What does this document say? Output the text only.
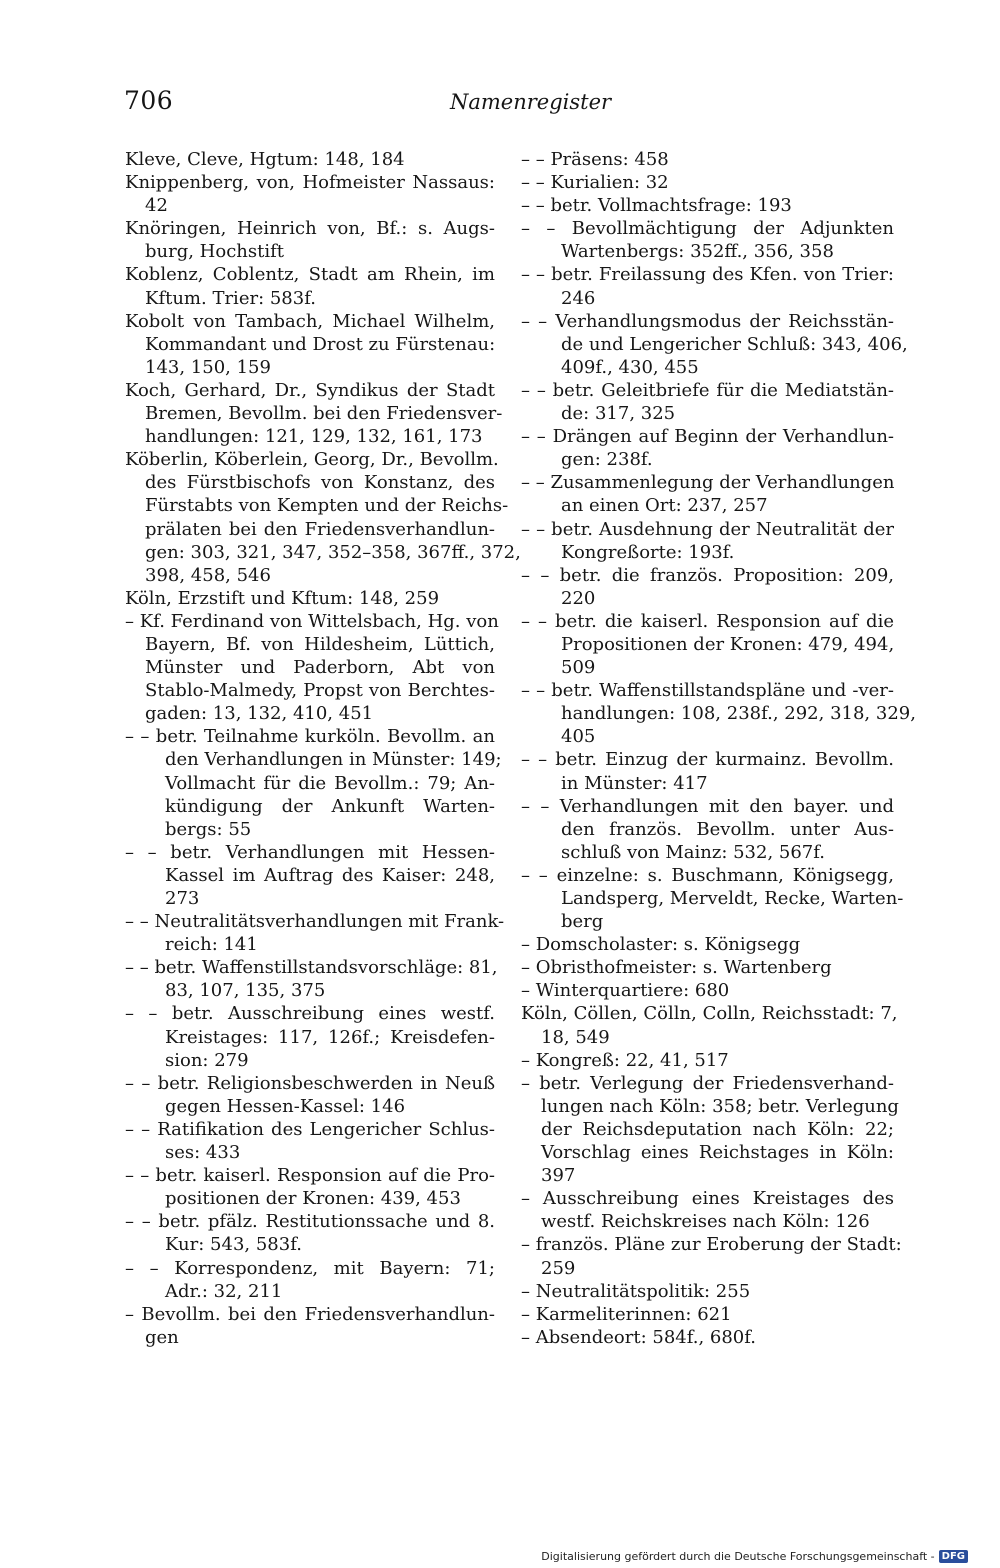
706	Namenregister
Kleve, Cleve, Hgtum: 148, 184
Knippenberg, von, Hofmeister Nassaus:
42
Knöringen, Heinrich von, Bf.: s. Augs-
burg, Hochstift
Koblenz, Coblentz, Stadt am Rhein, im
Kftum. Trier: 583f.
Kobolt von Tambach, Michael Wilhelm,
Kommandant und Drost zu Fürstenau:
143, 150, 159
Koch, Gerhard, Dr., Syndikus der Stadt
Bremen, Bevollm. bei den Friedensver-
handlungen: 121, 129, 132, 161, 173
Köberlin, Köberlein, Georg, Dr., Bevollm.
des Fürstbischofs von Konstanz, des
Fürstabts von Kempten und der Reichs-
prälaten bei den Friedensverhandlun-
gen: 303, 321, 347, 352–358, 367ff., 372,
398, 458, 546
Köln, Erzstift und Kftum: 148, 259
– Kf. Ferdinand von Wittelsbach, Hg. von
Bayern, Bf. von Hildesheim, Lüttich,
Münster und Paderborn, Abt von
Stablo-Malmedy, Propst von Berchtes-
gaden: 13, 132, 410, 451
– – betr. Teilnahme kurköln. Bevollm. an
den Verhandlungen in Münster: 149;
Vollmacht für die Bevollm.: 79; An-
kündigung der Ankunft Warten-
bergs: 55
– – betr. Verhandlungen mit Hessen-
Kassel im Auftrag des Kaiser: 248,
273
– – Neutralitätsverhandlungen mit Frank-
reich: 141
– – betr. Waffenstillstandsvorschläge: 81,
83, 107, 135, 375
– – betr. Ausschreibung eines westf.
Kreistages: 117, 126f.; Kreisdefen-
sion: 279
– – betr. Religionsbeschwerden in Neuß
gegen Hessen-Kassel: 146
– – Ratifikation des Lengericher Schlus-
ses: 433
– – betr. kaiserl. Responsion auf die Pro-
positionen der Kronen: 439, 453
– – betr. pfälz. Restitutionssache und 8.
Kur: 543, 583f.
– – Korrespondenz, mit Bayern: 71;
Adr.: 32, 211
– Bevollm. bei den Friedensverhandlun-
gen
– – Präsens: 458
– – Kurialien: 32
– – betr. Vollmachtsfrage: 193
– – Bevollmächtigung der Adjunkten
Wartenbergs: 352ff., 356, 358
– – betr. Freilassung des Kfen. von Trier:
246
– – Verhandlungsmodus der Reichsstän-
de und Lengericher Schluß: 343, 406,
409f., 430, 455
– – betr. Geleitbriefe für die Mediatstän-
de: 317, 325
– – Drängen auf Beginn der Verhandlun-
gen: 238f.
– – Zusammenlegung der Verhandlungen
an einen Ort: 237, 257
– – betr. Ausdehnung der Neutralität der
Kongreßorte: 193f.
– – betr. die französ. Proposition: 209,
220
– – betr. die kaiserl. Responsion auf die
Propositionen der Kronen: 479, 494,
509
– – betr. Waffenstillstandspläne und -ver-
handlungen: 108, 238f., 292, 318, 329,
405
– – betr. Einzug der kurmainz. Bevollm.
in Münster: 417
– – Verhandlungen mit den bayer. und
den französ. Bevollm. unter Aus-
schluß von Mainz: 532, 567f.
– – einzelne: s. Buschmann, Königsegg,
Landsperg, Merveldt, Recke, Warten-
berg
– Domscholaster: s. Königsegg
– Obristhofmeister: s. Wartenberg
– Winterquartiere: 680
Köln, Cöllen, Cölln, Colln, Reichsstadt: 7,
18, 549
– Kongreß: 22, 41, 517
– betr. Verlegung der Friedensverhand-
lungen nach Köln: 358; betr. Verlegung
der Reichsdeputation nach Köln: 22;
Vorschlag eines Reichstages in Köln:
397
– Ausschreibung eines Kreistages des
westf. Reichskreises nach Köln: 126
– französ. Pläne zur Eroberung der Stadt:
259
– Neutralitätspolitik: 255
– Karmeliterinnen: 621
– Absendeort: 584f., 680f.
Digitalisierung gefördert durch die Deutsche Forschungsgemeinschaft - DFG
